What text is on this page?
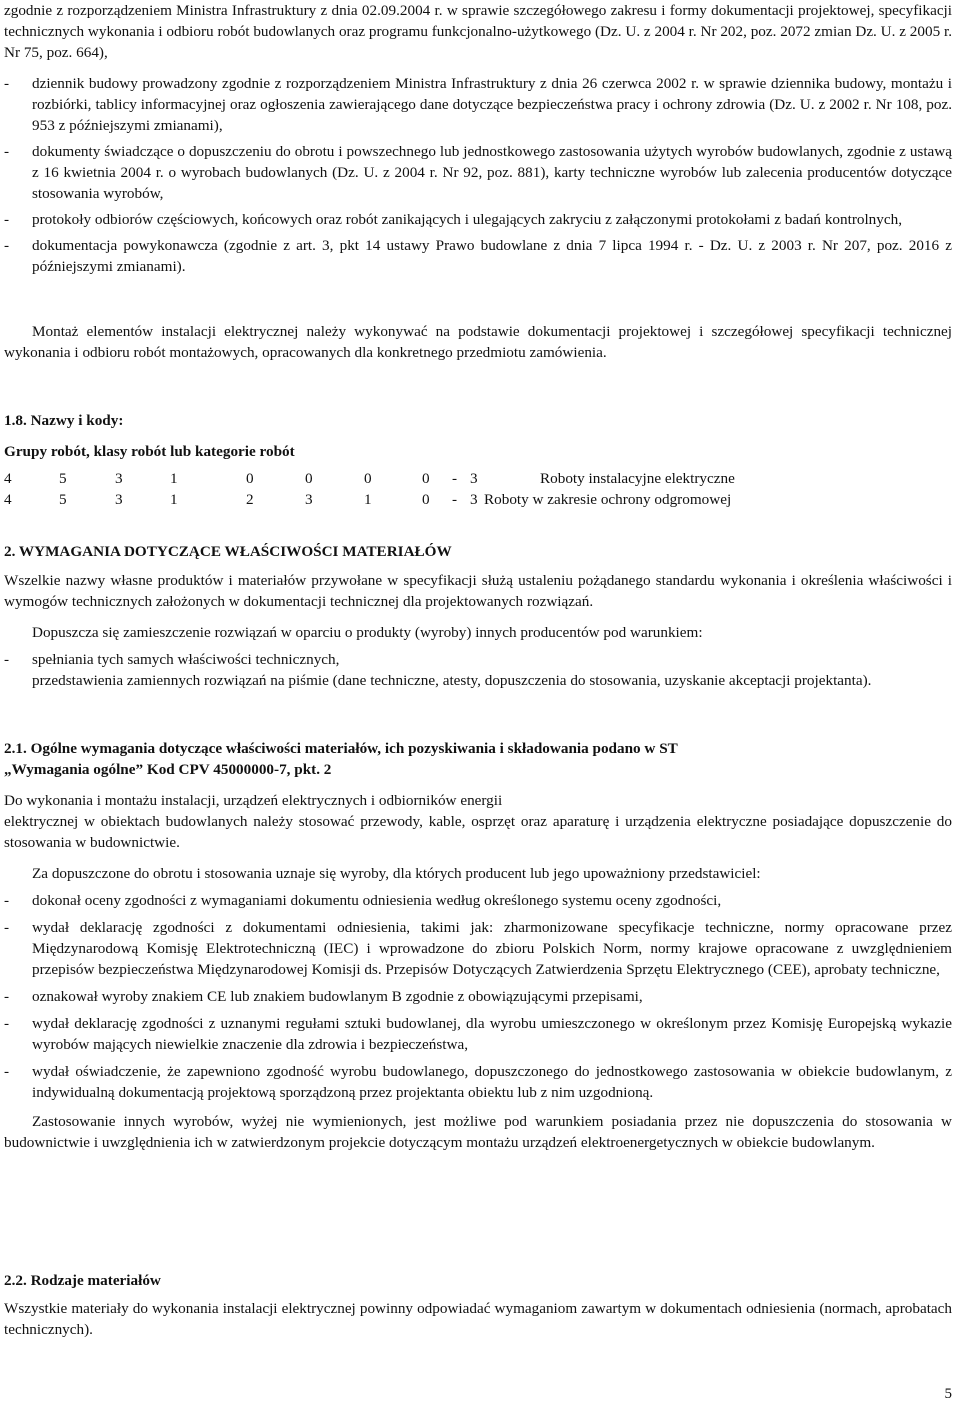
zgodnie z rozporządzeniem Ministra Infrastruktury z dnia 02.09.2004 r. w sprawie szczegółowego zakresu i formy dokumentacji projektowej, specyfikacji technicznych wykonania i odbioru robót budowlanych oraz programu funkcjonalno-użytkowego (Dz. U. z 2004 r. Nr 202, poz. 2072 zmian Dz. U. z 2005 r. Nr 75, poz. 664),

-	dziennik budowy prowadzony zgodnie z rozporządzeniem Ministra Infrastruktury z dnia 26 czerwca 2002 r. w sprawie dziennika budowy, montażu i rozbiórki, tablicy informacyjnej oraz ogłoszenia zawierającego dane dotyczące bezpieczeństwa pracy i ochrony zdrowia (Dz. U. z 2002 r. Nr 108, poz. 953 z późniejszymi zmianami),
-	dokumenty świadczące o dopuszczeniu do obrotu i powszechnego lub jednostkowego zastosowania użytych wyrobów budowlanych, zgodnie z ustawą z 16 kwietnia 2004 r. o wyrobach budowlanych (Dz. U. z 2004 r. Nr 92, poz. 881), karty techniczne wyrobów lub zalecenia producentów dotyczące stosowania wyrobów,
-	protokoły odbiorów częściowych, końcowych oraz robót zanikających i ulegających zakryciu z załączonymi protokołami z badań kontrolnych,
-	dokumentacja powykonawcza (zgodnie z art. 3, pkt 14 ustawy Prawo budowlane z dnia 7 lipca 1994 r. - Dz. U. z 2003 r. Nr 207, poz. 2016 z późniejszymi zmianami).

Montaż elementów instalacji elektrycznej należy wykonywać na podstawie dokumentacji projektowej i szczegółowej specyfikacji technicznej wykonania i odbioru robót montażowych, opracowanych dla konkretnego przedmiotu zamówienia.

1.8. Nazwy i kody:
Grupy robót, klasy robót lub kategorie robót
4	5	3	1	0	0	0	0	- 3	Roboty instalacyjne elektryczne
4	5	3	1	2	3	1	0	- 3 Roboty w zakresie ochrony odgromowej
2. WYMAGANIA DOTYCZĄCE WŁAŚCIWOŚCI MATERIAŁÓW

Wszelkie nazwy własne produktów i materiałów przywołane w specyfikacji służą ustaleniu pożądanego standardu wykonania i określenia właściwości i wymogów technicznych założonych w dokumentacji technicznej dla projektowanych rozwiązań.

Dopuszcza się zamieszczenie rozwiązań w oparciu o produkty (wyroby) innych producentów pod warunkiem:

-	spełniania tych samych właściwości technicznych,
przedstawienia zamiennych rozwiązań na piśmie (dane techniczne, atesty, dopuszczenia do stosowania, uzyskanie akceptacji projektanta).
2.1. Ogólne wymagania dotyczące właściwości materiałów, ich pozyskiwania i składowania podano w ST
„Wymagania ogólne” Kod CPV 45000000-7, pkt. 2

Do wykonania i montażu instalacji, urządzeń elektrycznych i odbiorników energii

elektrycznej w obiektach budowlanych należy stosować przewody, kable, osprzęt oraz aparaturę i urządzenia elektryczne posiadające dopuszczenie do stosowania w budownictwie.

Za dopuszczone do obrotu i stosowania uznaje się wyroby, dla których producent lub jego upoważniony przedstawiciel:

-	dokonał oceny zgodności z wymaganiami dokumentu odniesienia według określonego systemu oceny zgodności,
-	wydał deklarację zgodności z dokumentami odniesienia, takimi jak: zharmonizowane specyfikacje techniczne, normy opracowane przez Międzynarodową Komisję Elektrotechniczną (IEC) i wprowadzone do zbioru Polskich Norm, normy krajowe opracowane z uwzględnieniem przepisów bezpieczeństwa Międzynarodowej Komisji ds. Przepisów Dotyczących Zatwierdzenia Sprzętu Elektrycznego (CEE), aprobaty techniczne,
-	oznakował wyroby znakiem CE lub znakiem budowlanym B zgodnie z obowiązującymi przepisami,
-	wydał deklarację zgodności z uznanymi regułami sztuki budowlanej, dla wyrobu umieszczonego w określonym przez Komisję Europejską wykazie wyrobów mających niewielkie znaczenie dla zdrowia i bezpieczeństwa,
-	wydał oświadczenie, że zapewniono zgodność wyrobu budowlanego, dopuszczonego do jednostkowego zastosowania w obiekcie budowlanym, z indywidualną dokumentacją projektową sporządzoną przez projektanta obiektu lub z nim uzgodnioną.

Zastosowanie innych wyrobów, wyżej nie wymienionych, jest możliwe pod warunkiem posiadania przez nie dopuszczenia do stosowania w budownictwie i uwzględnienia ich w zatwierdzonym projekcie dotyczącym montażu urządzeń elektroenergetycznych w obiekcie budowlanym.

2.2. Rodzaje materiałów

Wszystkie materiały do wykonania instalacji elektrycznej powinny odpowiadać wymaganiom zawartym w dokumentach odniesienia (normach, aprobatach technicznych).

5
